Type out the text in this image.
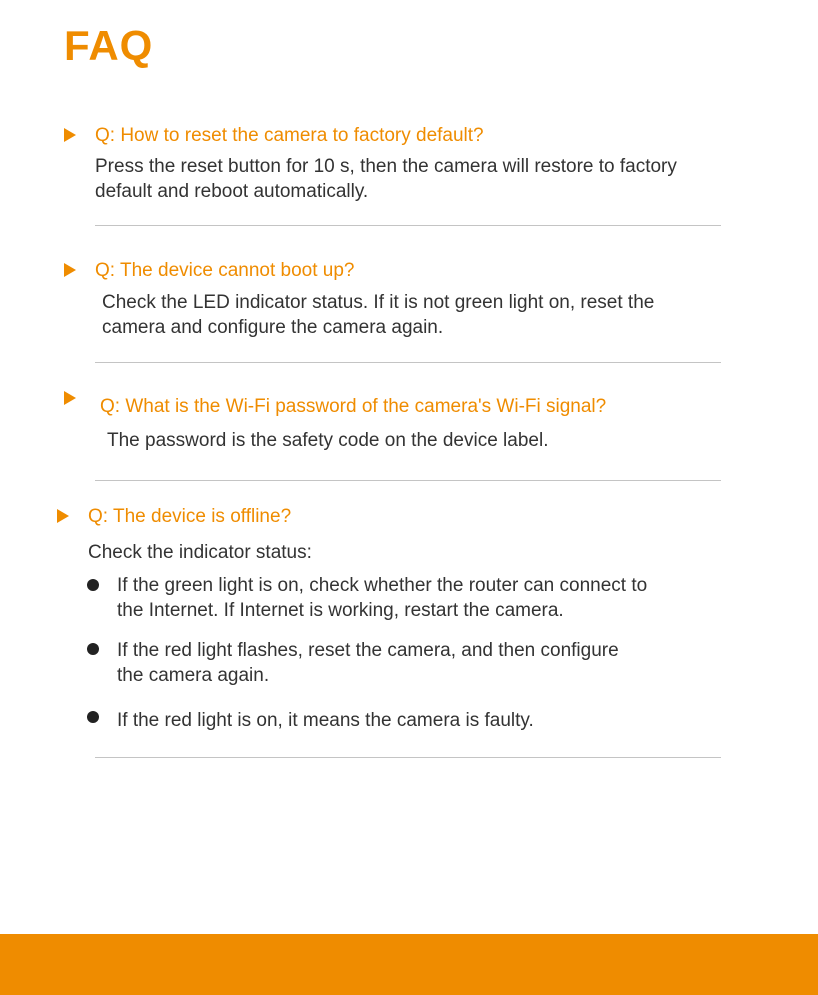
FAQ
Q: How to reset the camera to factory default?
Press the reset button for 10 s, then the camera will restore to factory
default and reboot automatically.
Q: The device cannot boot up?
Check the LED indicator status. If it is not green light on, reset the
camera and configure the camera again.
Q: What is the Wi-Fi password of the camera's Wi-Fi signal?
The password is the safety code on the device label.
Q: The device is offline?
Check the indicator status:
If the green light is on, check whether the router can connect to
the Internet. If Internet is working, restart the camera.
If the red light flashes, reset the camera, and then configure
the camera again.
If the red light is on, it means the camera is faulty.
